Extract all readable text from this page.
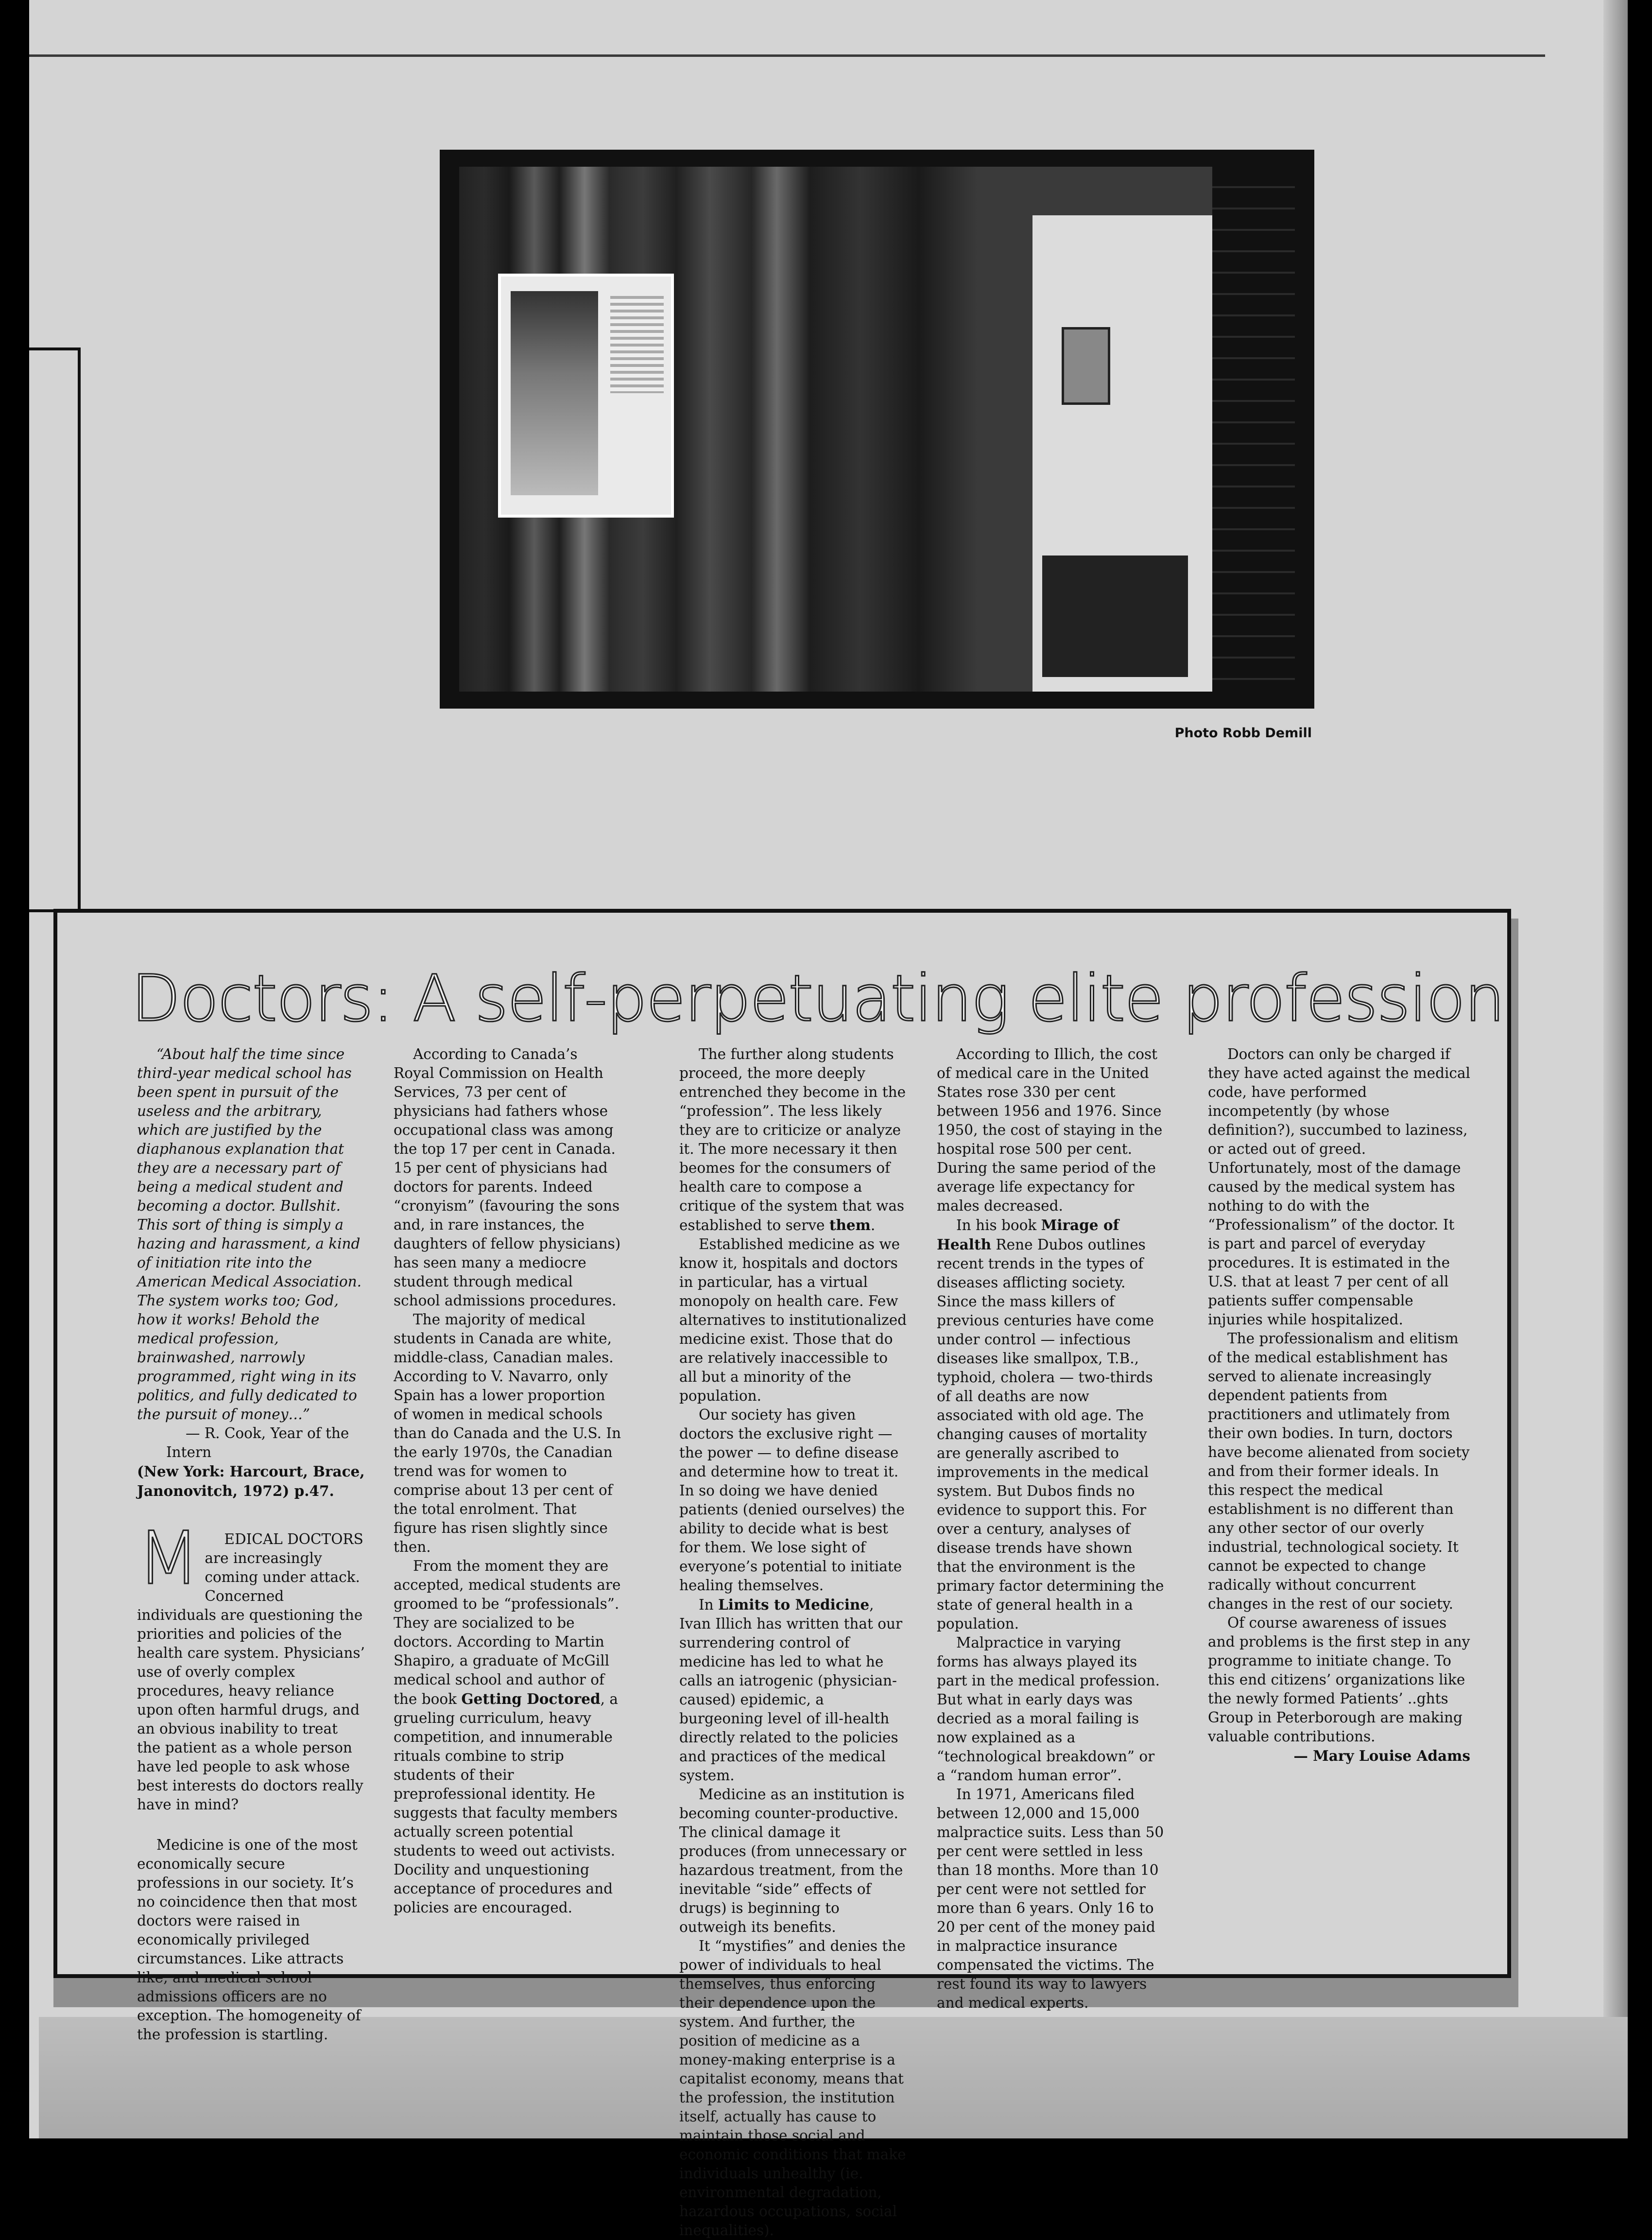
Photo Robb Demill
Doctors: A self-perpetuating elite profession

“About half the time since third-year medical school has been spent in pursuit of the useless and the arbitrary, which are justified by the diaphanous explanation that they are a necessary part of being a medical student and becoming a doctor. Bullshit. This sort of thing is simply a hazing and harassment, a kind of initiation rite into the American Medical Association. The system works too; God, how it works! Behold the medical profession, brainwashed, narrowly programmed, right wing in its politics, and fully dedicated to the pursuit of money…”

— R. Cook, Year of the Intern
(New York: Harcourt, Brace, Janonovitch, 1972) p.47.

M	EDICAL DOCTORS are increasingly coming under attack. Concerned individuals are questioning the priorities and policies of the health care system. Physicians’ use of overly complex procedures, heavy reliance upon often harmful drugs, and an obvious inability to treat the patient as a whole person have led people to ask whose best interests do doctors really have in mind?

Medicine is one of the most economically secure professions in our society. It’s no coincidence then that most doctors were raised in economically privileged circumstances. Like attracts like, and medical school admissions officers are no exception. The homogeneity of the profession is startling.

According to Canada’s Royal Commission on Health Services, 73 per cent of physicians had fathers whose occupational class was among the top 17 per cent in Canada. 15 per cent of physicians had doctors for parents. Indeed “cronyism” (favouring the sons and, in rare instances, the daughters of fellow physicians) has seen many a mediocre student through medical school admissions procedures.

The majority of medical students in Canada are white, middle-class, Canadian males. According to V. Navarro, only Spain has a lower proportion of women in medical schools than do Canada and the U.S. In the early 1970s, the Canadian trend was for women to comprise about 13 per cent of the total enrolment. That figure has risen slightly since then.

From the moment they are accepted, medical students are groomed to be “professionals”. They are socialized to be doctors. According to Martin Shapiro, a graduate of McGill medical school and author of the book Getting Doctored, a grueling curriculum, heavy competition, and innumerable rituals combine to strip students of their preprofessional identity. He suggests that faculty members actually screen potential students to weed out activists. Docility and unquestioning acceptance of procedures and policies are encouraged.

The further along students proceed, the more deeply entrenched they become in the “profession”. The less likely they are to criticize or analyze it. The more necessary it then beomes for the consumers of health care to compose a critique of the system that was established to serve them.

Established medicine as we know it, hospitals and doctors in particular, has a virtual monopoly on health care. Few alternatives to institutionalized medicine exist. Those that do are relatively inaccessible to all but a minority of the population.

Our society has given doctors the exclusive right — the power — to define disease and determine how to treat it. In so doing we have denied patients (denied ourselves) the ability to decide what is best for them. We lose sight of everyone’s potential to initiate healing themselves.

In Limits to Medicine, Ivan Illich has written that our surrendering control of medicine has led to what he calls an iatrogenic (physician-caused) epidemic, a burgeoning level of ill-health directly related to the policies and practices of the medical system.

Medicine as an institution is becoming counter-productive. The clinical damage it produces (from unnecessary or hazardous treatment, from the inevitable “side” effects of drugs) is beginning to outweigh its benefits.

It “mystifies” and denies the power of individuals to heal themselves, thus enforcing their dependence upon the system. And further, the position of medicine as a money-making enterprise is a capitalist economy, means that the profession, the institution itself, actually has cause to maintain those social and economic conditions that make individuals unhealthy (ie. environmental degradation, hazardous occupations, social inequalities).

According to Illich, the cost of medical care in the United States rose 330 per cent between 1956 and 1976. Since 1950, the cost of staying in the hospital rose 500 per cent. During the same period of the average life expectancy for males decreased.

In his book Mirage of Health Rene Dubos outlines recent trends in the types of diseases afflicting society. Since the mass killers of previous centuries have come under control — infectious diseases like smallpox, T.B., typhoid, cholera — two-thirds of all deaths are now associated with old age. The changing causes of mortality are generally ascribed to improvements in the medical system. But Dubos finds no evidence to support this. For over a century, analyses of disease trends have shown that the environment is the primary factor determining the state of general health in a population.

Malpractice in varying forms has always played its part in the medical profession. But what in early days was decried as a moral failing is now explained as a “technological breakdown” or a “random human error”.

In 1971, Americans filed between 12,000 and 15,000 malpractice suits. Less than 50 per cent were settled in less than 18 months. More than 10 per cent were not settled for more than 6 years. Only 16 to 20 per cent of the money paid in malpractice insurance compensated the victims. The rest found its way to lawyers and medical experts.

Doctors can only be charged if they have acted against the medical code, have performed incompetently (by whose definition?), succumbed to laziness, or acted out of greed. Unfortunately, most of the damage caused by the medical system has nothing to do with the “Professionalism” of the doctor. It is part and parcel of everyday procedures. It is estimated in the U.S. that at least 7 per cent of all patients suffer compensable injuries while hospitalized.

The professionalism and elitism of the medical establishment has served to alienate increasingly dependent patients from practitioners and utlimately from their own bodies. In turn, doctors have become alienated from society and from their former ideals. In this respect the medical establishment is no different than any other sector of our overly industrial, technological society. It cannot be expected to change radically without concurrent changes in the rest of our society.

Of course awareness of issues and problems is the first step in any programme to initiate change. To this end citizens’ organizations like the newly formed Patients’ ..ghts Group in Peterborough are making valuable contributions.

— Mary Louise Adams
